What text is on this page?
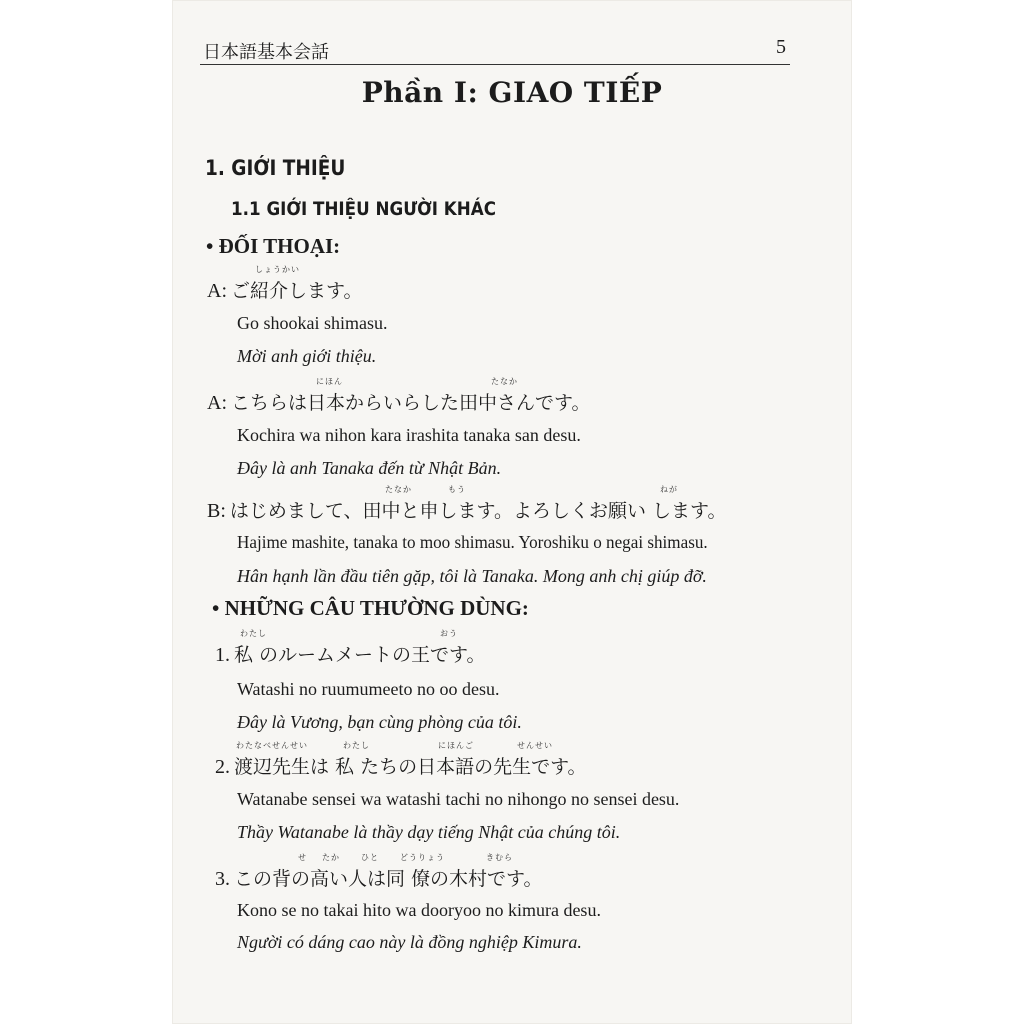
日本語基本会話	5
Phần I: GIAO TIẾP
1. GIỚI THIỆU
1.1 GIỚI THIỆU NGƯỜI KHÁC
• ĐỐI THOẠI:
しょうかい
A: ご紹介します。
Go shookai shimasu.
Mời anh giới thiệu.
にほん	たなか
A: こちらは日本からいらした田中さんです。
Kochira wa nihon kara irashita tanaka san desu.
Đây là anh Tanaka đến từ Nhật Bản.
たなか	もう	ねが
B: はじめまして、田中と申します。よろしくお願い します。
Hajime mashite, tanaka to moo shimasu. Yoroshiku o negai shimasu.
Hân hạnh lần đầu tiên gặp, tôi là Tanaka. Mong anh chị giúp đỡ.
• NHỮNG CÂU THƯỜNG DÙNG:
わたし	おう
1. 私 のルームメートの王です。
Watashi no ruumumeeto no oo desu.
Đây là Vương, bạn cùng phòng của tôi.
わたなべせんせい	わたし	にほんご	せんせい
2. 渡辺先生は 私 たちの日本語の先生です。
Watanabe sensei wa watashi tachi no nihongo no sensei desu.
Thầy Watanabe là thầy dạy tiếng Nhật của chúng tôi.
せ たか	ひと	どうりょう	きむら
3. この背の高い人は同 僚の木村です。
Kono se no takai hito wa dooryoo no kimura desu.
Người có dáng cao này là đồng nghiệp Kimura.
